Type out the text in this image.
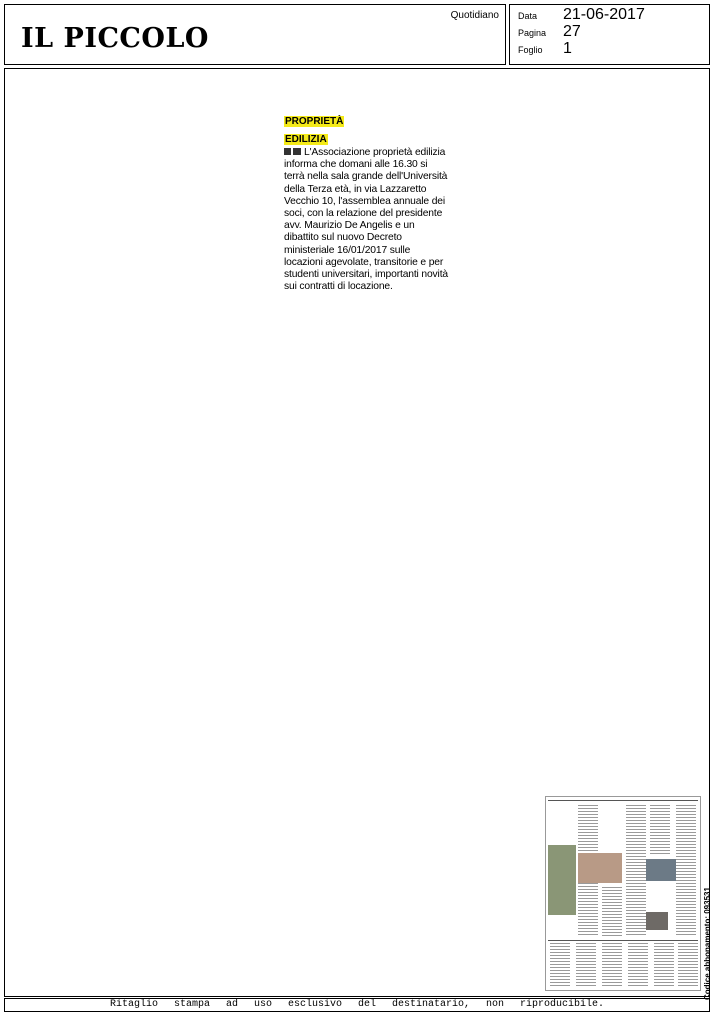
IL PICCOLO
Quotidiano Data 21-06-2017
Pagina 27
Foglio 1
PROPRIETÀ
EDILIZIA
L'Associazione proprietà edilizia informa che domani alle 16.30 si terrà nella sala grande dell'Università della Terza età, in via Lazzaretto Vecchio 10, l'assemblea annuale dei soci, con la relazione del presidente avv. Maurizio De Angelis e un dibattito sul nuovo Decreto ministeriale 16/01/2017 sulle locazioni agevolate, transitorie e per studenti universitari, importanti novità sui contratti di locazione.
Codice abbonamento: 093531
Ritaglio stampa ad uso esclusivo del destinatario, non riproducibile.
